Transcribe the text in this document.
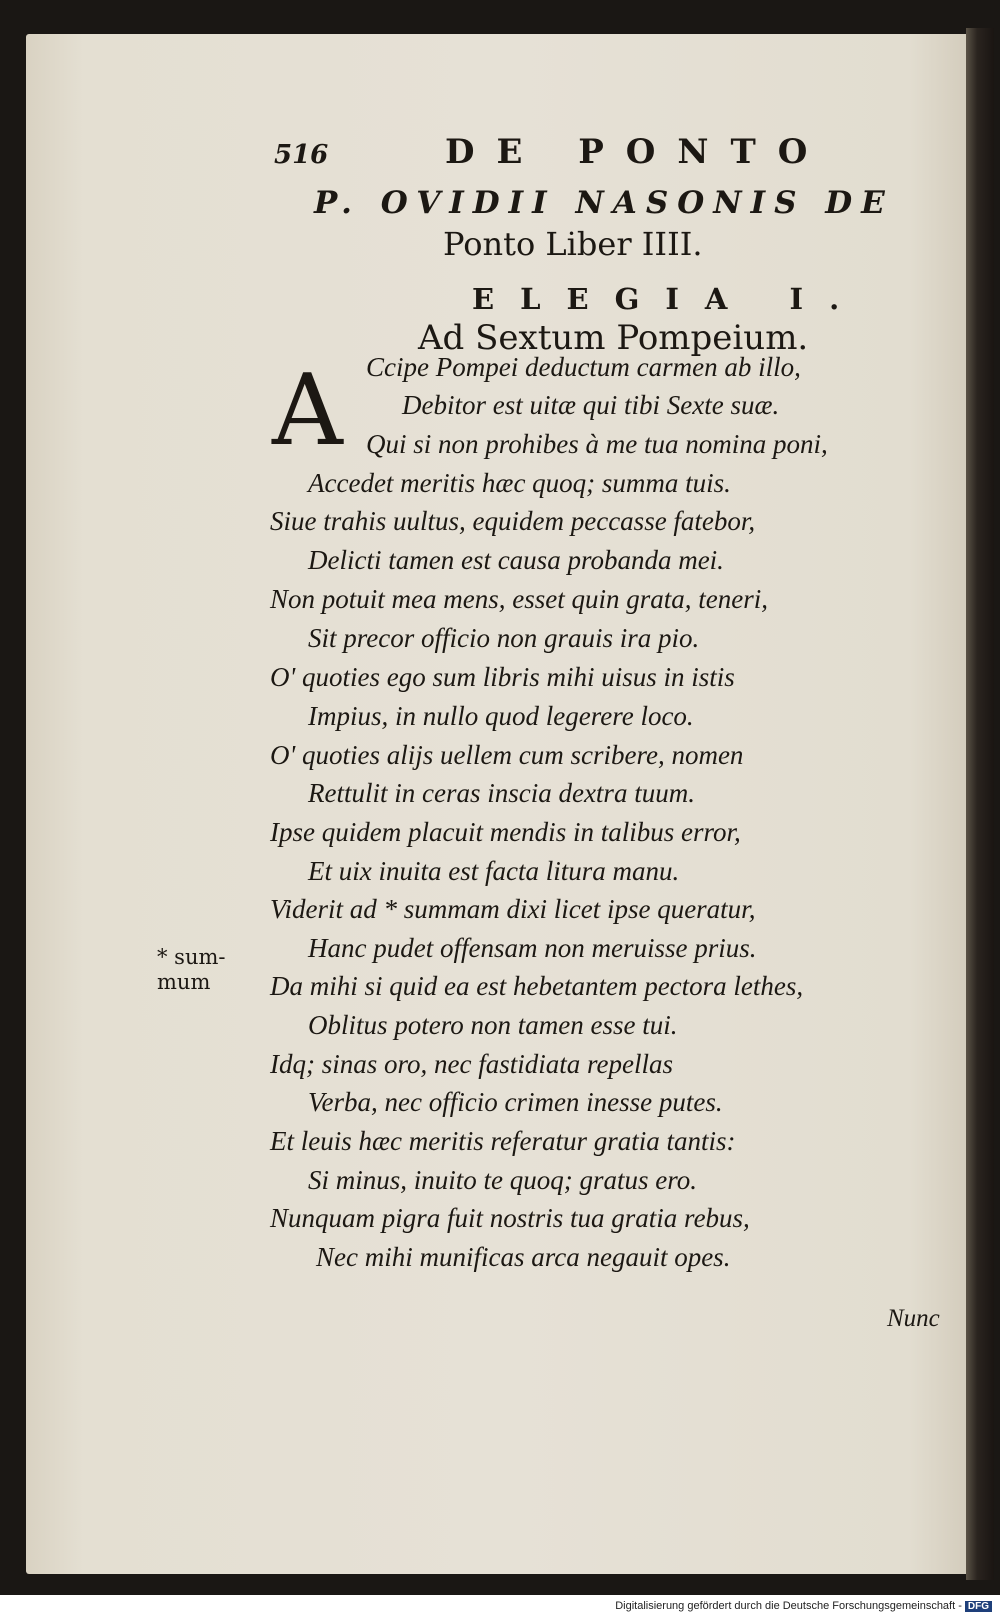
516	DE PONTO
P. OVIDII NASONIS DE
Ponto Liber IIII.
ELEGIA I.
Ad Sextum Pompeium.
A Ccipe Pompei deductum carmen ab illo,
Debitor est uitæ qui tibi Sexte suæ.
Qui si non prohibes à me tua nomina poni,
Accedet meritis hæc quoq; summa tuis.
Siue trahis uultus, equidem peccasse fatebor,
Delicti tamen est causa probanda mei.
Non potuit mea mens, esset quin grata, teneri,
Sit precor officio non grauis ira pio.
O' quoties ego sum libris mihi uisus in istis
Impius, in nullo quod legerere loco.
O' quoties alijs uellem cum scribere, nomen
Rettulit in ceras inscia dextra tuum.
Ipse quidem placuit mendis in talibus error,
Et uix inuita est facta litura manu.
Viderit ad * summam dixi licet ipse queratur,
Hanc pudet offensam non meruisse prius.
Da mihi si quid ea est hebetantem pectora lethes,
Oblitus potero non tamen esse tui.
Idq; sinas oro, nec fastidiata repellas
Verba, nec officio crimen inesse putes.
Et leuis hæc meritis referatur gratia tantis:
Si minus, inuito te quoq; gratus ero.
Nunquam pigra fuit nostris tua gratia rebus,
Nec mihi munificas arca negauit opes.
* sum-
mum
Nunc
Digitalisierung gefördert durch die Deutsche Forschungsgemeinschaft - DFG
